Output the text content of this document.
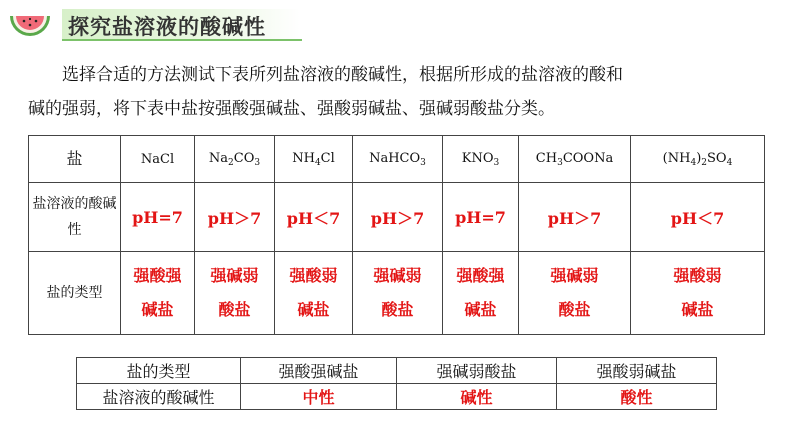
探究盐溶液的酸碱性

选择合适的方法测试下表所列盐溶液的酸碱性，根据所形成的盐溶液的酸和

碱的强弱，将下表中盐按强酸强碱盐、强酸弱碱盐、强碱弱酸盐分类。
盐	NaCl	$Na_2CO_3$	$NH_4Cl$	NaHCO$_3$	$KNO_3$	$CH_3COONa$	$(NH_4)_2SO_4$
盐溶液的酸碱性	pH=7	pH＞7	pH＜7	pH＞7	pH=7	pH＞7	pH＜7
盐的类型	强酸强碱盐	强碱弱酸盐	强酸弱碱盐	强碱弱酸盐	强酸强碱盐	强碱弱酸盐	强酸弱碱盐
盐的类型	强酸强碱盐	强碱弱酸盐	强酸弱碱盐
盐溶液的酸碱性	中性	碱性	酸性
